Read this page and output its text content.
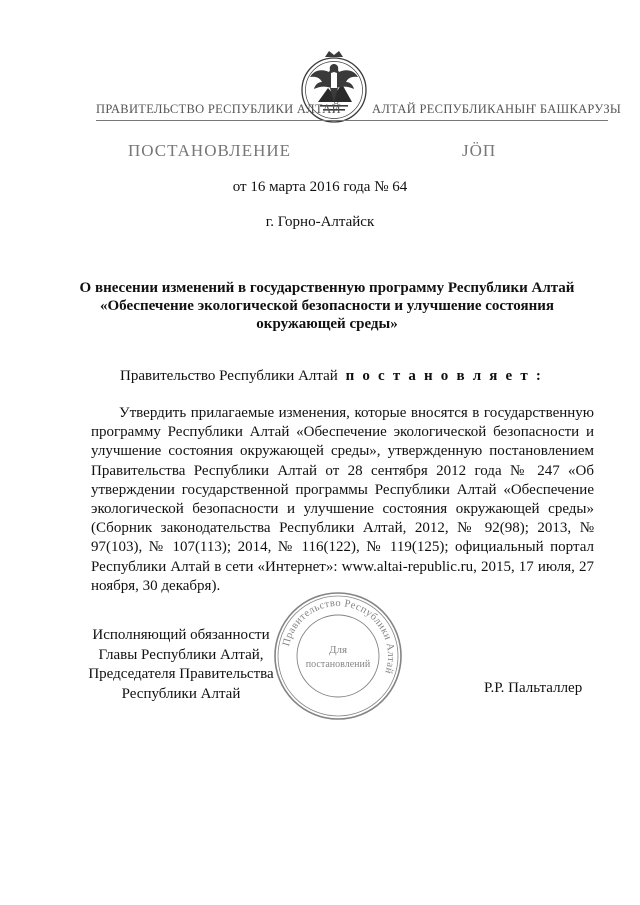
ПРАВИТЕЛЬСТВО РЕСПУБЛИКИ АЛТАЙ АЛТАЙ РЕСПУБЛИКАНЫҤ БАШКАРУЗЫ
ПОСТАНОВЛЕНИЕ	JӦП
от 16 марта 2016 года № 64
г. Горно-Алтайск
О внесении изменений в государственную программу Республики Алтай
«Обеспечение экологической безопасности и улучшение состояния
окружающей среды»
Правительство Республики Алтай п о с т а н о в л я е т :

Утвердить прилагаемые изменения, которые вносятся в государственную программу Республики Алтай «Обеспечение экологической безопасности и улучшение состояния окружающей среды», утвержденную постановлением Правительства Республики Алтай от 28 сентября 2012 года № 247 «Об утверждении государственной программы Республики Алтай «Обеспечение экологической безопасности и улучшение состояния окружающей среды» (Сборник законодательства Республики Алтай, 2012, № 92(98); 2013, № 97(103), № 107(113); 2014, № 116(122), № 119(125); официальный портал Республики Алтай в сети «Интернет»: www.altai-republic.ru, 2015, 17 июля, 27 ноября, 30 декабря).

Исполняющий обязанности
Главы Республики Алтай,
Председателя Правительства
Республики Алтай	Р.Р. Пальталлер
Правительство Республики Алтай
Для
постановлений
